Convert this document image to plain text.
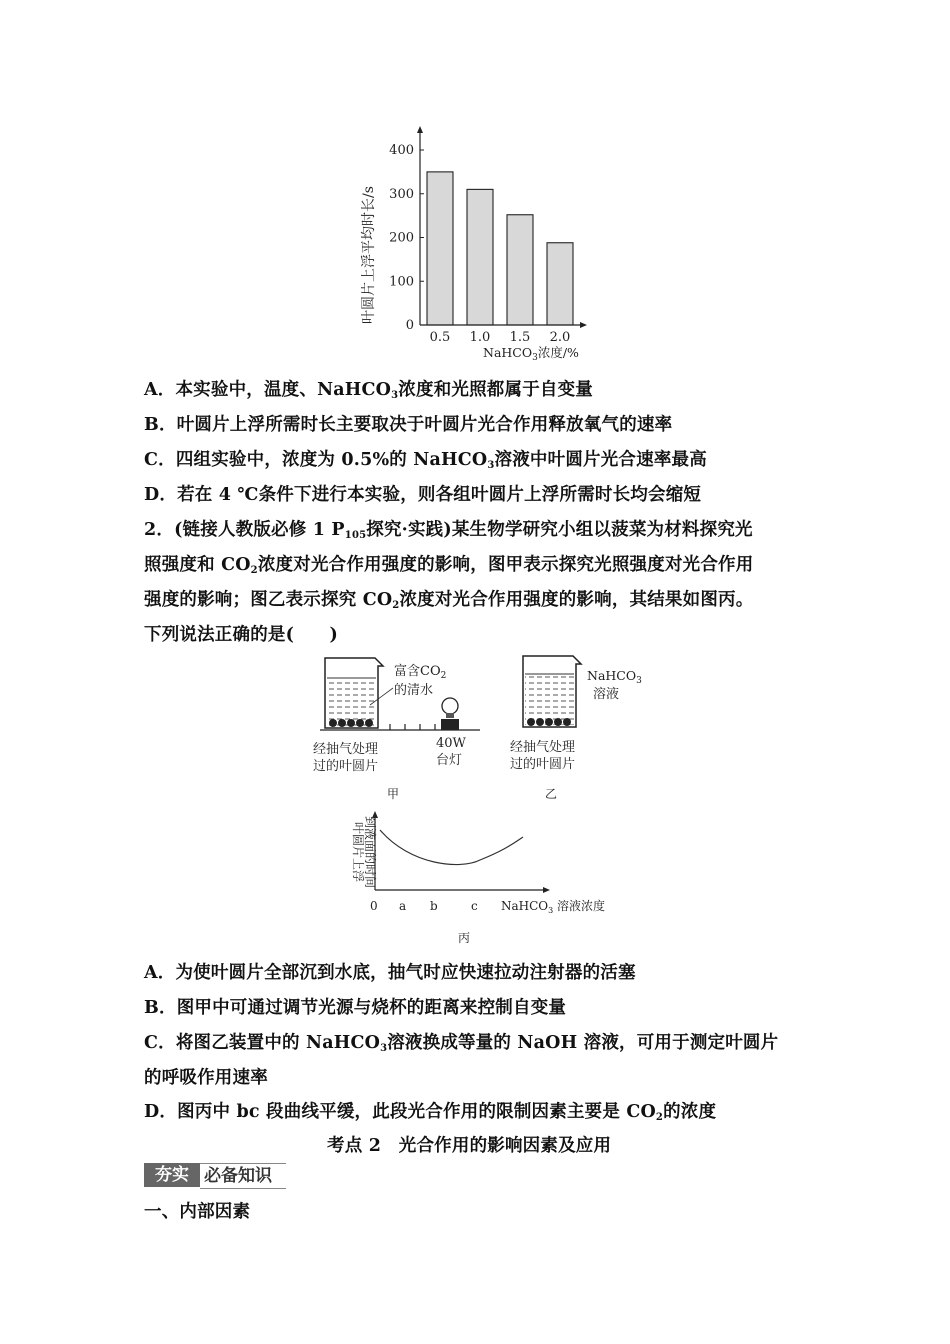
0
100
200
300
400
0.5 1.0 1.5 2.0
叶圆片上浮平均时长/s
NaHCO$_3$浓度/%
A．本实验中，温度、NaHCO$_3$浓度和光照都属于自变量
B．叶圆片上浮所需时长主要取决于叶圆片光合作用释放氧气的速率
C．四组实验中，浓度为 0.5%的 NaHCO$_3$溶液中叶圆片光合速率最高
D．若在 4 ℃条件下进行本实验，则各组叶圆片上浮所需时长均会缩短
2．(链接人教版必修 1 $P_{105}$探究·实践)某生物学研究小组以菠菜为材料探究光
照强度和 $CO_2$浓度对光合作用强度的影响，图甲表示探究光照强度对光合作用
强度的影响；图乙表示探究 $CO_2$浓度对光合作用强度的影响，其结果如图丙。
下列说法正确的是(　　)
富含$CO_2$
的清水
经抽气处理
过的叶圆片
40W
台灯
甲
NaHCO$_3$
溶液
经抽气处理
过的叶圆片
乙
叶圆片上浮
到液面的时间
0 a b	c NaHCO$_3$ 溶液浓度
丙
A．为使叶圆片全部沉到水底，抽气时应快速拉动注射器的活塞
B．图甲中可通过调节光源与烧杯的距离来控制自变量
C．将图乙装置中的 NaHCO$_3$溶液换成等量的 NaOH 溶液，可用于测定叶圆片
的呼吸作用速率
D．图丙中 bc 段曲线平缓，此段光合作用的限制因素主要是 $CO_2$的浓度
考点 2　光合作用的影响因素及应用
夯实 必备知识
一、内部因素
